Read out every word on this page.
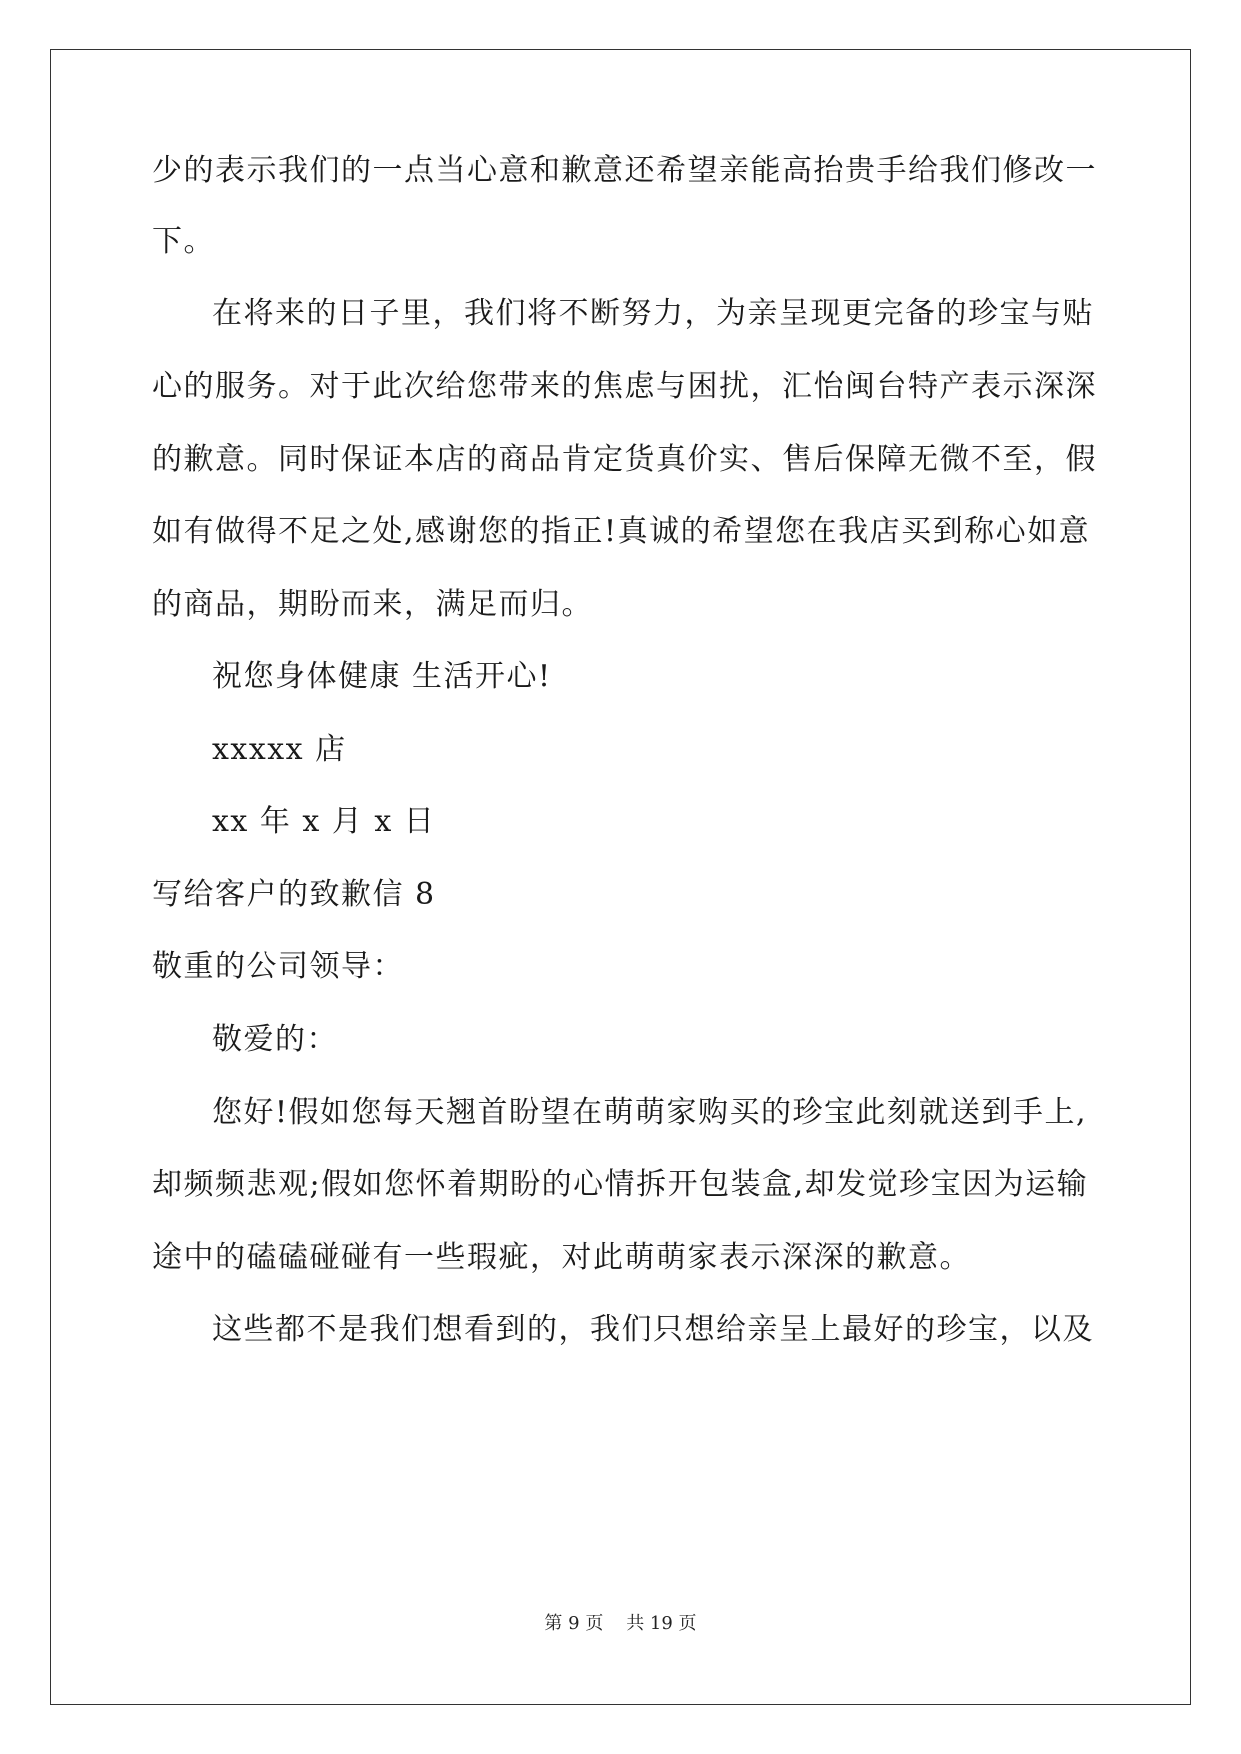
少的表示我们的一点当心意和歉意还希望亲能高抬贵手给我们修改一
下。
在将来的日子里，我们将不断努力，为亲呈现更完备的珍宝与贴
心的服务。对于此次给您带来的焦虑与困扰，汇怡闽台特产表示深深
的歉意。同时保证本店的商品肯定货真价实、售后保障无微不至，假
如有做得不足之处,感谢您的指正!真诚的希望您在我店买到称心如意
的商品，期盼而来，满足而归。
祝您身体健康 生活开心!
xxxxx 店
xx 年 x 月 x 日
写给客户的致歉信 8
敬重的公司领导：
敬爱的：
您好!假如您每天翘首盼望在萌萌家购买的珍宝此刻就送到手上,
却频频悲观;假如您怀着期盼的心情拆开包装盒,却发觉珍宝因为运输
途中的磕磕碰碰有一些瑕疵，对此萌萌家表示深深的歉意。
这些都不是我们想看到的，我们只想给亲呈上最好的珍宝，以及
第 9 页    共 19 页
